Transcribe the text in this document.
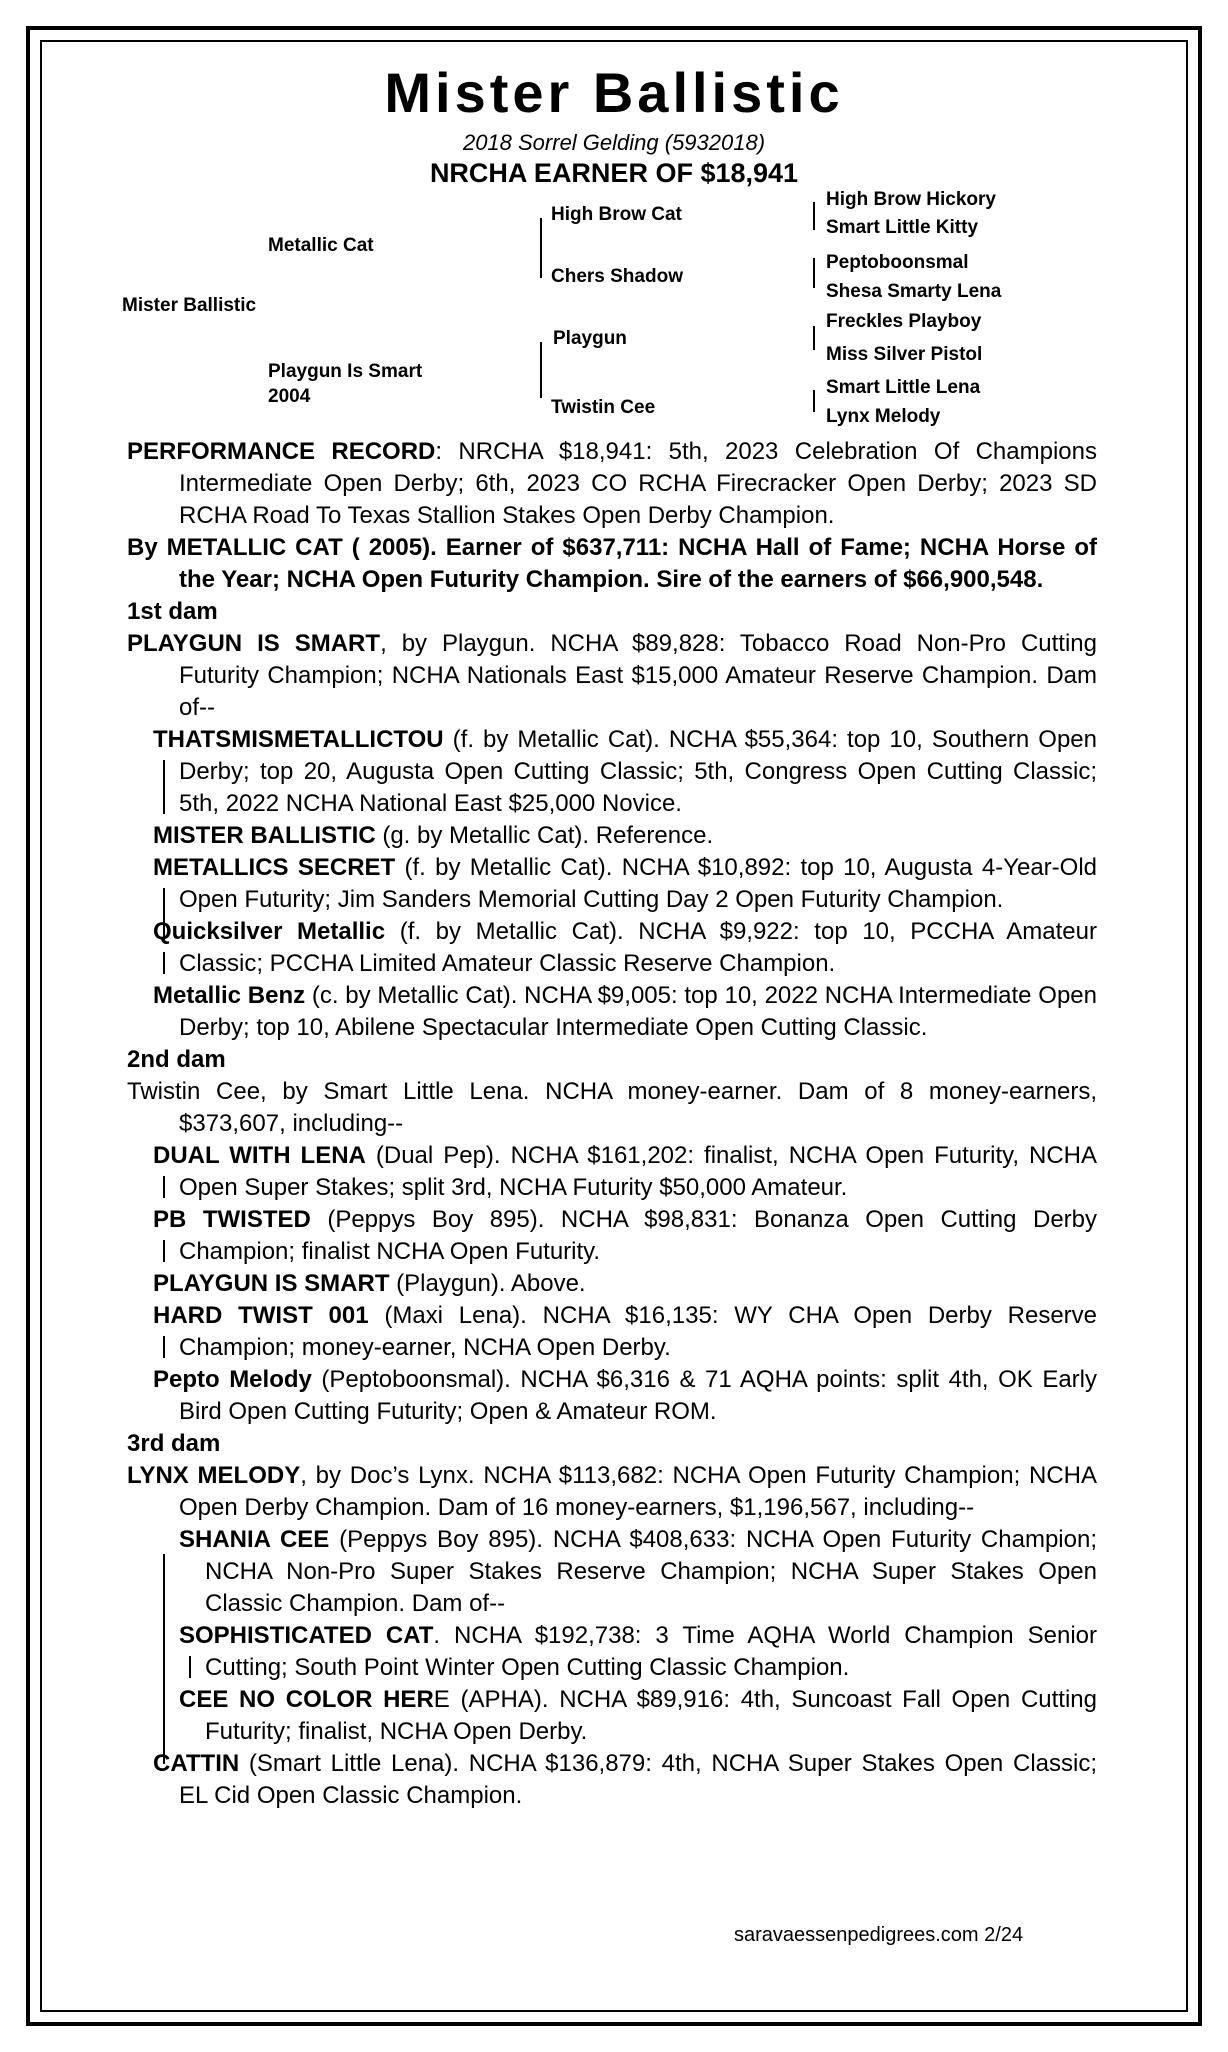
Mister Ballistic
2018 Sorrel Gelding (5932018)
NRCHA EARNER OF $18,941
Mister Ballistic
Metallic Cat
Playgun Is Smart
2004
High Brow Cat
Chers Shadow
Playgun
Twistin Cee
High Brow Hickory
Smart Little Kitty
Peptoboonsmal
Shesa Smarty Lena
Freckles Playboy
Miss Silver Pistol
Smart Little Lena
Lynx Melody
PERFORMANCE RECORD: NRCHA $18,941: 5th, 2023 Celebration Of Champions Intermediate Open Derby; 6th, 2023 CO RCHA Firecracker Open Derby; 2023 SD RCHA Road To Texas Stallion Stakes Open Derby Champion.
By METALLIC CAT ( 2005). Earner of $637,711: NCHA Hall of Fame; NCHA Horse of the Year; NCHA Open Futurity Champion. Sire of the earners of $66,900,548.
1st dam
PLAYGUN IS SMART, by Playgun. NCHA $89,828: Tobacco Road Non-Pro Cutting Futurity Champion; NCHA Nationals East $15,000 Amateur Reserve Champion. Dam of--
THATSMISMETALLICTOU (f. by Metallic Cat). NCHA $55,364: top 10, Southern Open Derby; top 20, Augusta Open Cutting Classic; 5th, Congress Open Cutting Classic; 5th, 2022 NCHA National East $25,000 Novice.
MISTER BALLISTIC (g. by Metallic Cat). Reference.
METALLICS SECRET (f. by Metallic Cat). NCHA $10,892: top 10, Augusta 4-Year-Old Open Futurity; Jim Sanders Memorial Cutting Day 2 Open Futurity Champion.
Quicksilver Metallic (f. by Metallic Cat). NCHA $9,922: top 10, PCCHA Amateur Classic; PCCHA Limited Amateur Classic Reserve Champion.
Metallic Benz (c. by Metallic Cat). NCHA $9,005: top 10, 2022 NCHA Intermediate Open Derby; top 10, Abilene Spectacular Intermediate Open Cutting Classic.
2nd dam
Twistin Cee, by Smart Little Lena. NCHA money-earner. Dam of 8 money-earners, $373,607, including--
DUAL WITH LENA (Dual Pep). NCHA $161,202: finalist, NCHA Open Futurity, NCHA Open Super Stakes; split 3rd, NCHA Futurity $50,000 Amateur.
PB TWISTED (Peppys Boy 895). NCHA $98,831: Bonanza Open Cutting Derby Champion; finalist NCHA Open Futurity.
PLAYGUN IS SMART (Playgun). Above.
HARD TWIST 001 (Maxi Lena). NCHA $16,135: WY CHA Open Derby Reserve Champion; money-earner, NCHA Open Derby.
Pepto Melody (Peptoboonsmal). NCHA $6,316 & 71 AQHA points: split 4th, OK Early Bird Open Cutting Futurity; Open & Amateur ROM.
3rd dam
LYNX MELODY, by Doc’s Lynx. NCHA $113,682: NCHA Open Futurity Champion; NCHA Open Derby Champion. Dam of 16 money-earners, $1,196,567, including--
SHANIA CEE (Peppys Boy 895). NCHA $408,633: NCHA Open Futurity Champion; NCHA Non-Pro Super Stakes Reserve Champion; NCHA Super Stakes Open Classic Champion. Dam of--
SOPHISTICATED CAT. NCHA $192,738: 3 Time AQHA World Champion Senior Cutting; South Point Winter Open Cutting Classic Champion.
CEE NO COLOR HERE (APHA). NCHA $89,916: 4th, Suncoast Fall Open Cutting Futurity; finalist, NCHA Open Derby.
CATTIN (Smart Little Lena). NCHA $136,879: 4th, NCHA Super Stakes Open Classic; EL Cid Open Classic Champion.
saravaessenpedigrees.com 2/24
